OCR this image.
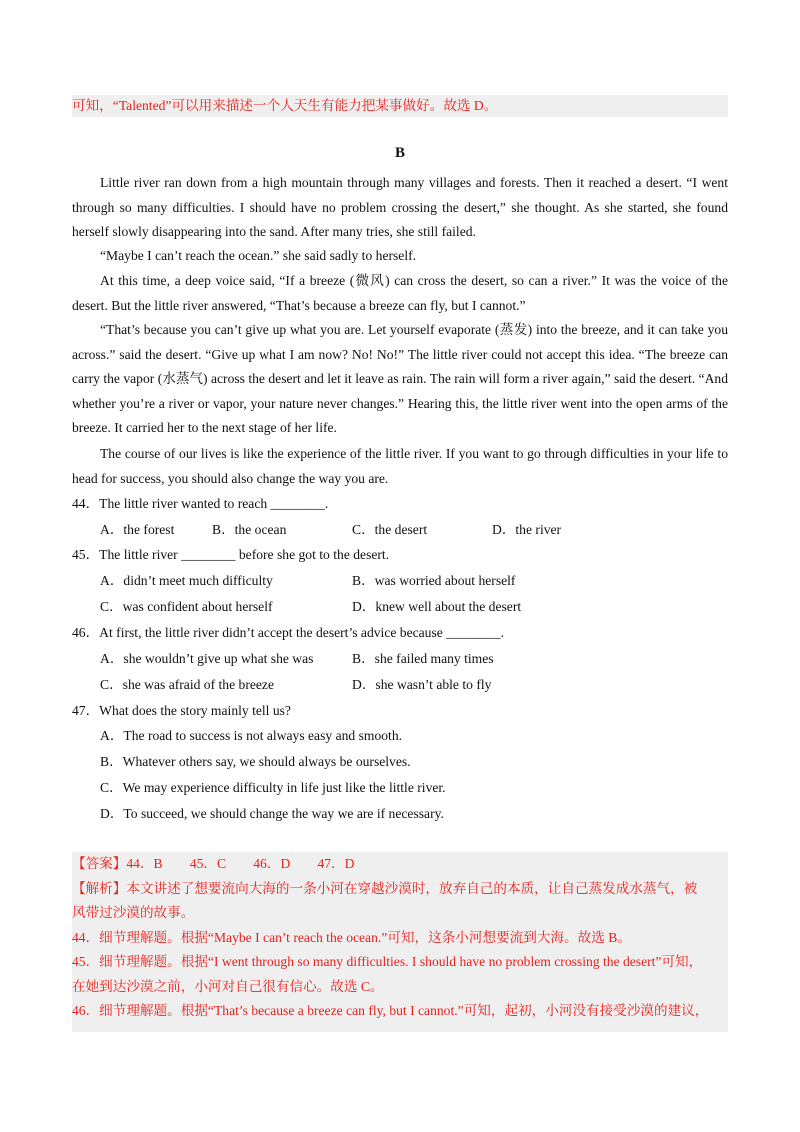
可知，“Talented”可以用来描述一个人天生有能力把某事做好。故选 D。
B
Little river ran down from a high mountain through many villages and forests. Then it reached a desert. “I went through so many difficulties. I should have no problem crossing the desert,” she thought. As she started, she found herself slowly disappearing into the sand. After many tries, she still failed.
“Maybe I can’t reach the ocean.” she said sadly to herself.
At this time, a deep voice said, “If a breeze (微风) can cross the desert, so can a river.” It was the voice of the desert. But the little river answered, “That’s because a breeze can fly, but I cannot.”
“That’s because you can’t give up what you are. Let yourself evaporate (蒸发) into the breeze, and it can take you across.” said the desert. “Give up what I am now? No! No!” The little river could not accept this idea. “The breeze can carry the vapor (水蒸气) across the desert and let it leave as rain. The rain will form a river again,” said the desert. “And whether you’re a river or vapor, your nature never changes.” Hearing this, the little river went into the open arms of the breeze. It carried her to the next stage of her life.
The course of our lives is like the experience of the little river. If you want to go through difficulties in your life to head for success, you should also change the way you are.
44．The little river wanted to reach ________.
A．the forest	B．the ocean	C．the desert	D．the river
45．The little river ________ before she got to the desert.
A．didn’t meet much difficulty	B．was worried about herself
C．was confident about herself	D．knew well about the desert
46．At first, the little river didn’t accept the desert’s advice because ________.
A．she wouldn’t give up what she was	B．she failed many times
C．she was afraid of the breeze	D．she wasn’t able to fly
47．What does the story mainly tell us?
A．The road to success is not always easy and smooth.
B．Whatever others say, we should always be ourselves.
C．We may experience difficulty in life just like the little river.
D．To succeed, we should change the way we are if necessary.
【答案】44．B　　45．C　　46．D　　47．D
【解析】本文讲述了想要流向大海的一条小河在穿越沙漠时，放弃自己的本质，让自己蒸发成水蒸气，被
风带过沙漠的故事。
44．细节理解题。根据“Maybe I can’t reach the ocean.”可知，这条小河想要流到大海。故选 B。
45．细节理解题。根据“I went through so many difficulties. I should have no problem crossing the desert”可知，
在她到达沙漠之前，小河对自己很有信心。故选 C。
46．细节理解题。根据“That’s because a breeze can fly, but I cannot.”可知，起初，小河没有接受沙漠的建议，
